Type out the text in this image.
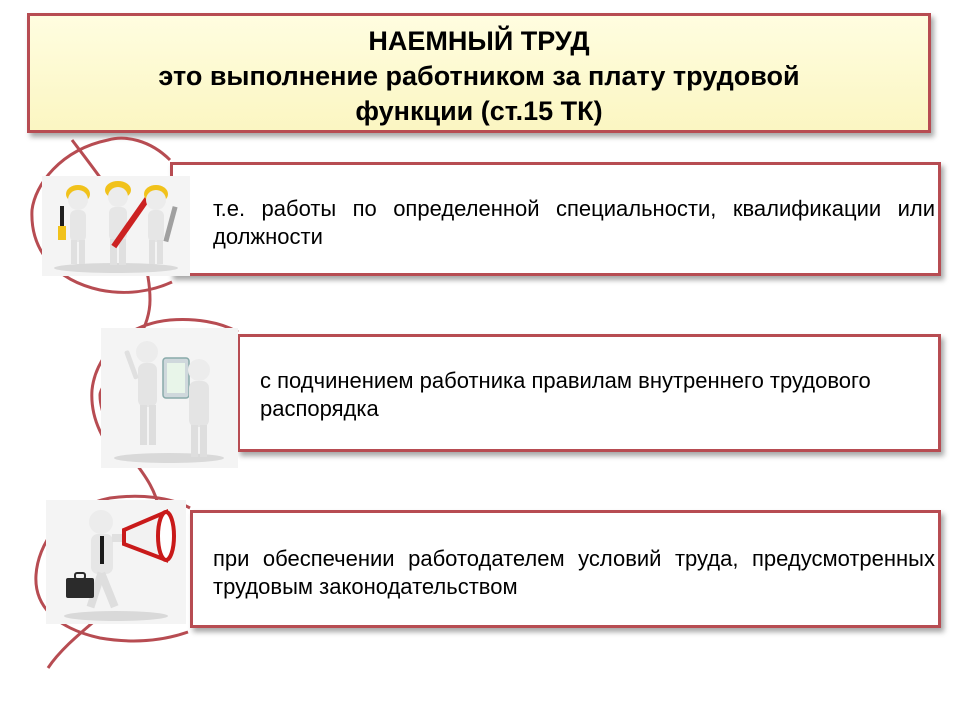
НАЕМНЫЙ ТРУД
это выполнение работником за плату трудовой
функции (ст.15 ТК)
т.е. работы по определенной специальности, квалификации или должности
с подчинением работника правилам внутреннего трудового распорядка
при обеспечении работодателем условий труда, предусмотренных трудовым законодательством
